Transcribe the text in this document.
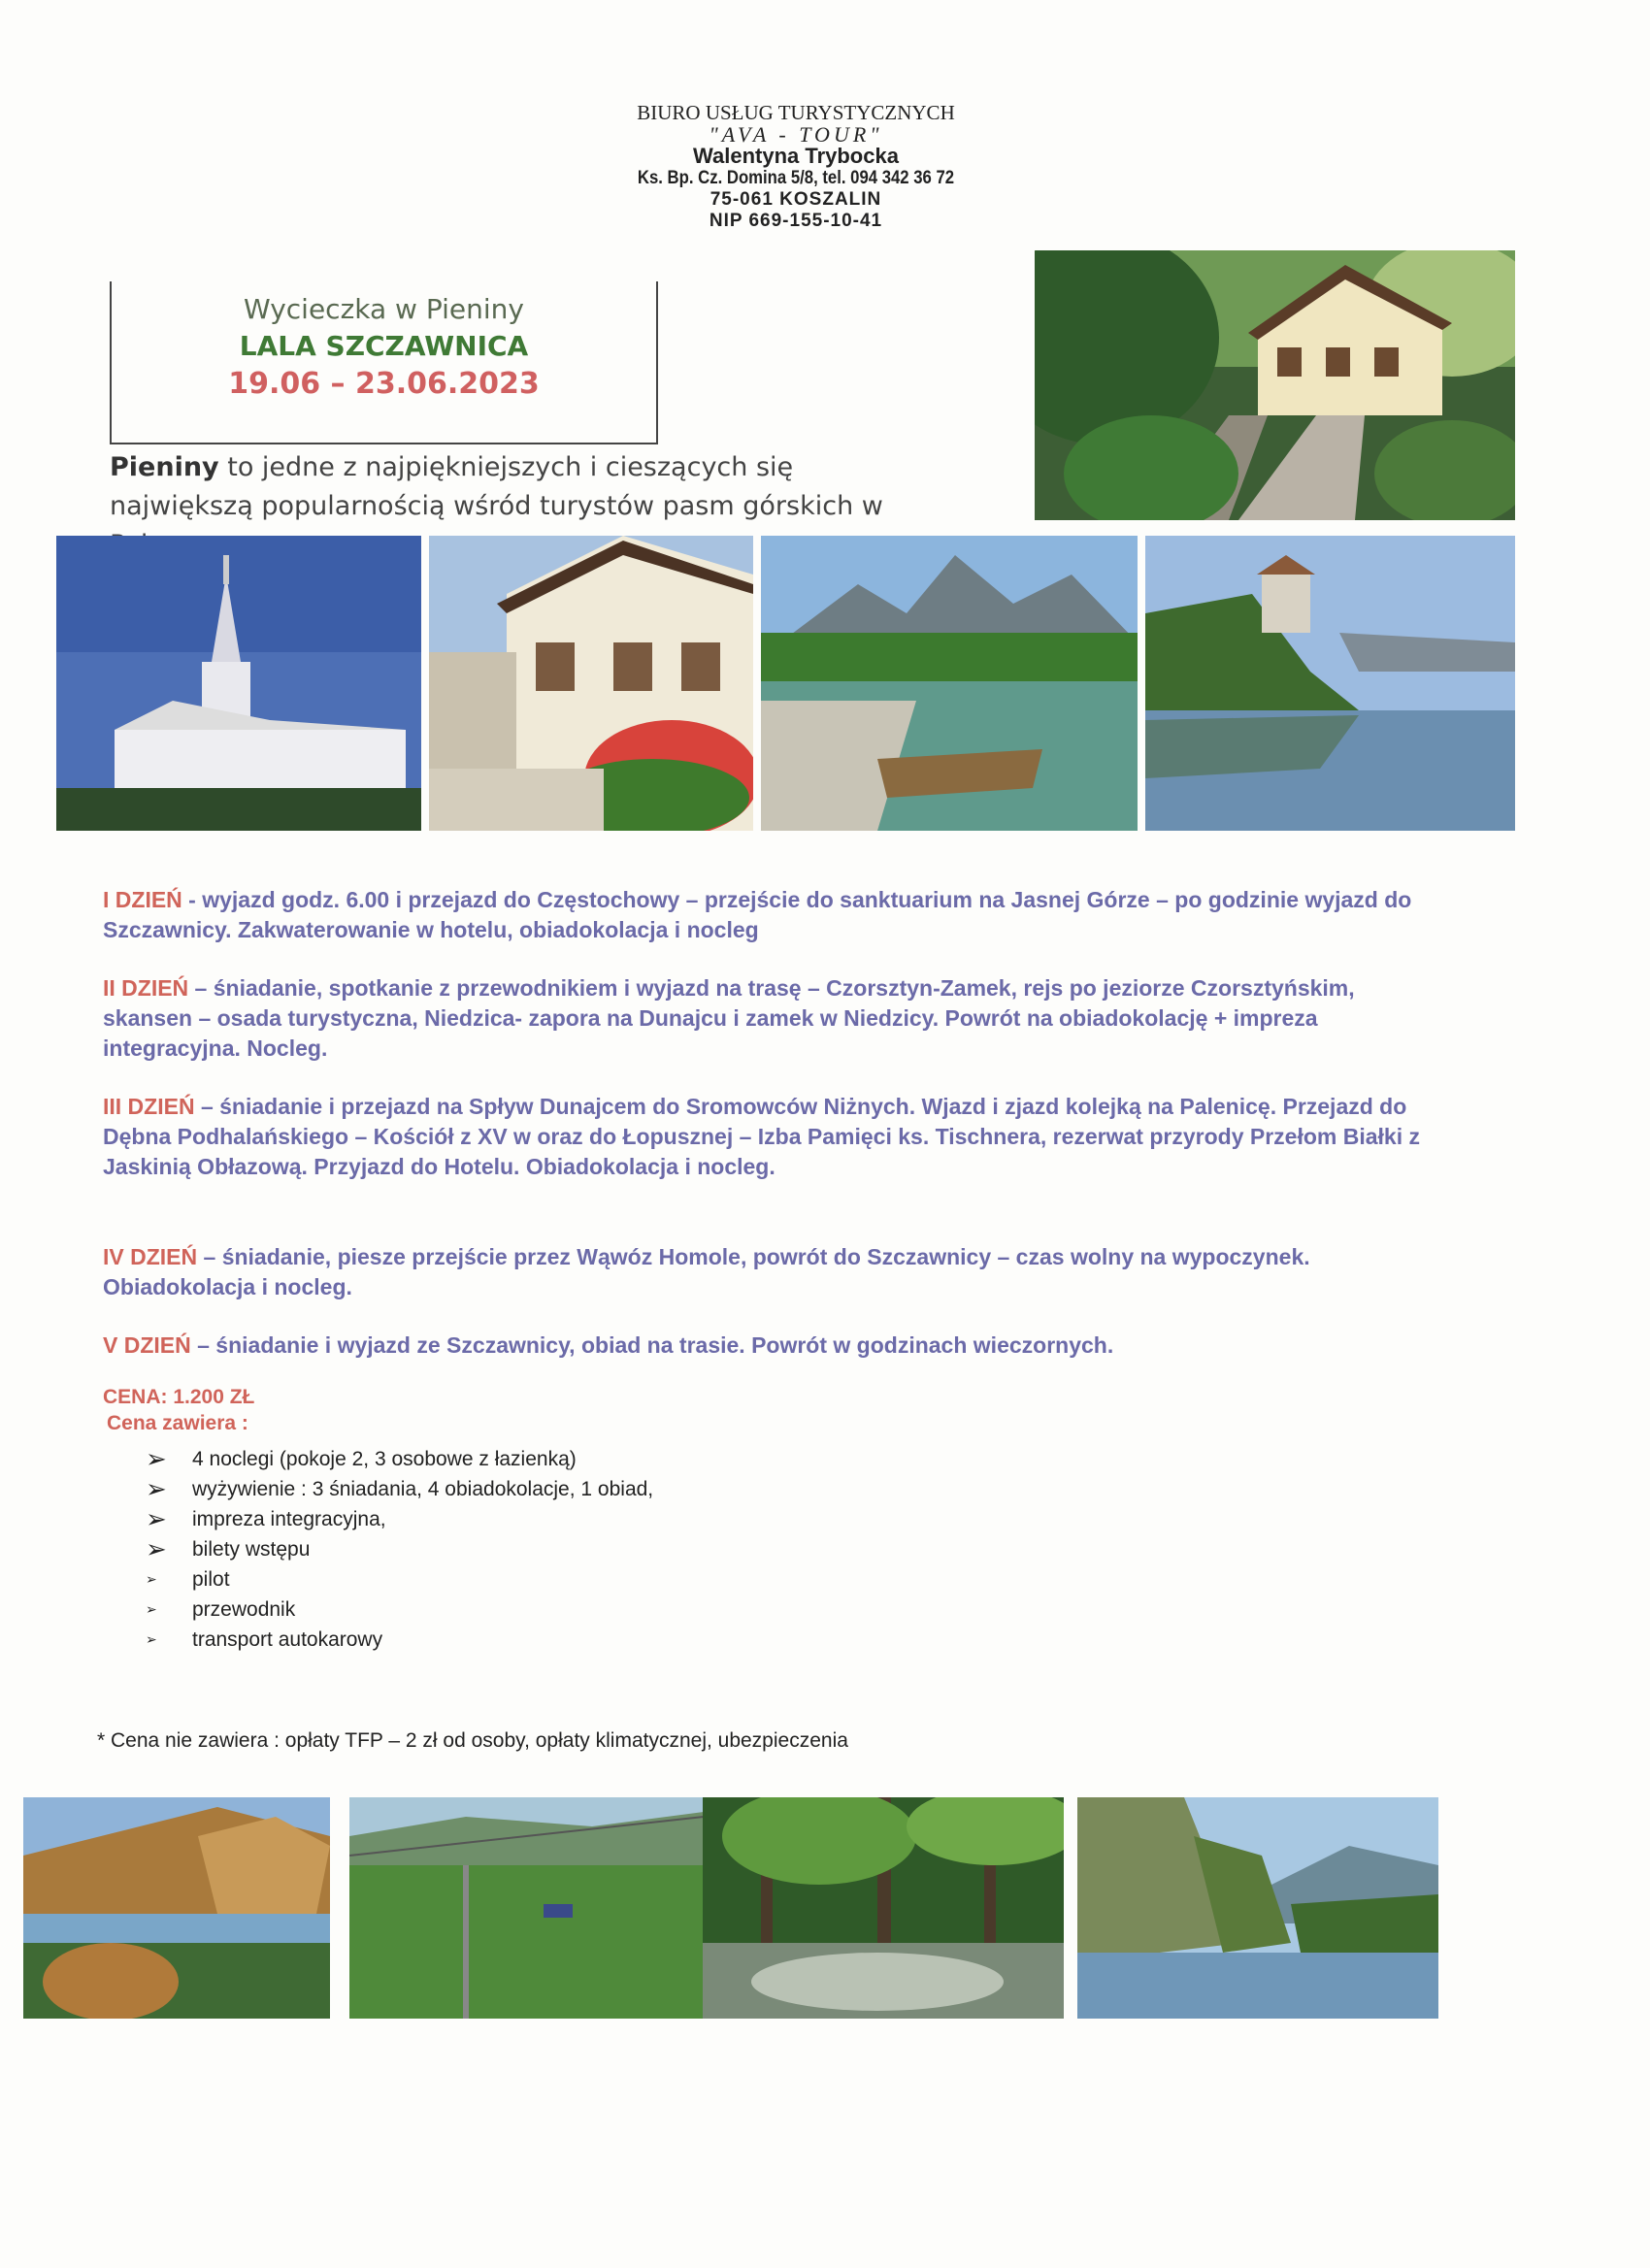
BIURO USŁUG TURYSTYCZNYCH
"AVA - TOUR"
Walentyna Trybocka
Ks. Bp. Cz. Domina 5/8, tel. 094 342 36 72
75-061 KOSZALIN
NIP 669-155-10-41
Wycieczka w Pieniny
LALA SZCZAWNICA
19.06 – 23.06.2023
Pieniny to jedne z najpiękniejszych i cieszących się największą popularnością wśród turystów pasm górskich w
I DZIEŃ - wyjazd godz. 6.00 i przejazd do Częstochowy – przejście do sanktuarium na Jasnej Górze – po godzinie wyjazd do Szczawnicy. Zakwaterowanie w hotelu, obiadokolacja i nocleg
II DZIEŃ – śniadanie, spotkanie z przewodnikiem i wyjazd na trasę – Czorsztyn-Zamek, rejs po jeziorze Czorsztyńskim, skansen – osada turystyczna, Niedzica- zapora na Dunajcu i zamek w Niedzicy. Powrót na obiadokolację + impreza integracyjna. Nocleg.
III DZIEŃ – śniadanie i przejazd na Spływ Dunajcem do Sromowców Niżnych. Wjazd i zjazd kolejką na Palenicę. Przejazd do Dębna Podhalańskiego – Kościół z XV w oraz do Łopusznej – Izba Pamięci ks. Tischnera, rezerwat przyrody Przełom Białki z Jaskinią Obłazową. Przyjazd do Hotelu. Obiadokolacja i nocleg.
IV DZIEŃ – śniadanie, piesze przejście przez Wąwóz Homole, powrót do Szczawnicy – czas wolny na wypoczynek. Obiadokolacja i nocleg.
V DZIEŃ – śniadanie i wyjazd ze Szczawnicy, obiad na trasie. Powrót w godzinach wieczornych.
CENA: 1.200 ZŁ
Cena zawiera :
➢	4 noclegi (pokoje 2, 3 osobowe z łazienką)
➢	wyżywienie : 3 śniadania, 4 obiadokolacje, 1 obiad,
➢	impreza integracyjna,
➢	bilety wstępu
➢	pilot
➢	przewodnik
➢	transport autokarowy
* Cena nie zawiera : opłaty TFP – 2 zł od osoby, opłaty klimatycznej, ubezpieczenia
